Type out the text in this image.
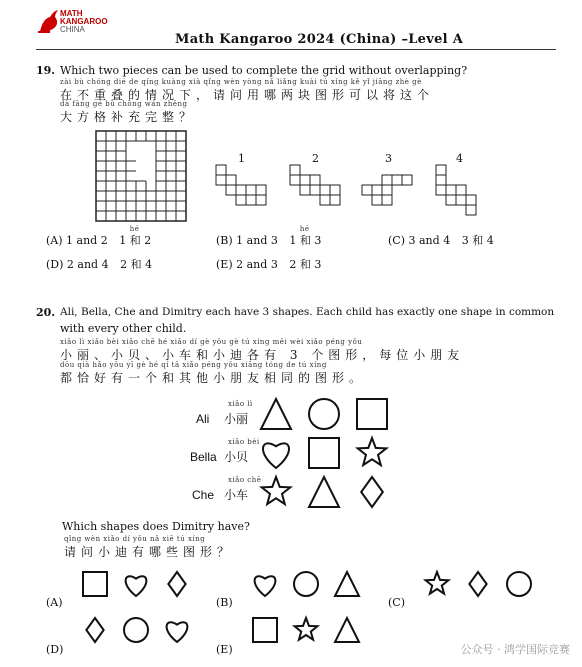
MATH
KANGAROO
CHINA
Math Kangaroo 2024 (China) –Level A
19. Which two pieces can be used to complete the grid without overlapping?
zài bù chóng dié de qíng kuàng xià qǐng wèn yòng nǎ liǎng kuài tú xíng kě yǐ jiāng zhè gè
在不重叠的情况下，请问用哪两块图形可以将这个
dà fāng gé bǔ chōng wán zhěng
大方格补充完整？
1	2	3	4
(A) 1 and 2 1
hé
和 2	(B) 1 and 3 1
hé
和 3	(C) 3 and 4 3 和 4
(D) 2 and 4 2 和 4	(E) 2 and 3 2 和 3
20. Ali, Bella, Che and Dimitry each have 3 shapes. Each child has exactly one shape in common
with every other child.
xiǎo lì xiǎo bèi xiǎo chē hé xiǎo dí gè yǒu gè tú xíng měi wèi xiǎo péng yǒu
小丽、小贝、小车和小迪各有 3 个图形，每位小朋友
dōu qià hǎo yǒu yī gè hé qí tā xiǎo péng yǒu xiāng tóng de tú xíng
都恰好有一个和其他小朋友相同的图形。
Ali
xiǎo lì
小丽
Bella
xiǎo bèi
小贝
Che
xiǎo chē
小车
Which shapes does Dimitry have?
qǐng wèn xiǎo dí yǒu nǎ xiē tú xíng
请问小迪有哪些图形？
(A)	(B)	(C)
(D)	(E)	公众号 · 鸿学国际竞赛
